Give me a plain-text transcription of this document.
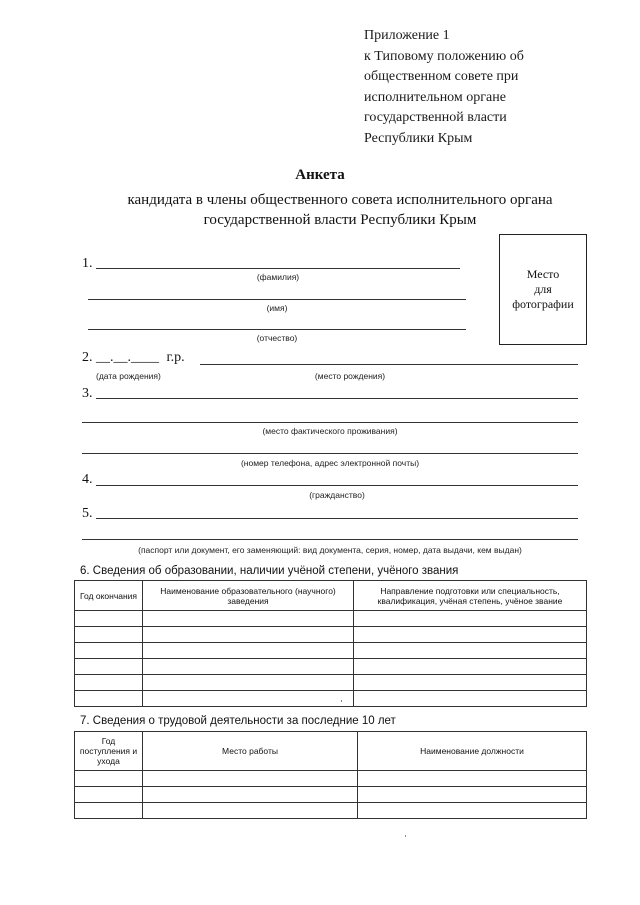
Приложение 1
к Типовому положению об
общественном совете при
исполнительном органе
государственной власти
Республики Крым
Анкета
кандидата в члены общественного совета исполнительного органа
государственной власти Республики Крым
Место
для
фотографии
1.
(фамилия)
(имя)
(отчество)
2. __.__.____ г.р.
(дата рождения)	(место рождения)
3.
(место фактического проживания)
(номер телефона, адрес электронной почты)
4.
(гражданство)
5.
(паспорт или документ, его заменяющий: вид документа, серия, номер, дата выдачи, кем выдан)
6. Сведения об образовании, наличии учёной степени, учёного звания
Год окончания	Наименование образовательного (научного) заведения	Направление подготовки или специальность, квалификация, учёная степень, учёное звание

7. Сведения о трудовой деятельности за последние 10 лет
Год поступления и ухода	Место работы	Наименование должности
